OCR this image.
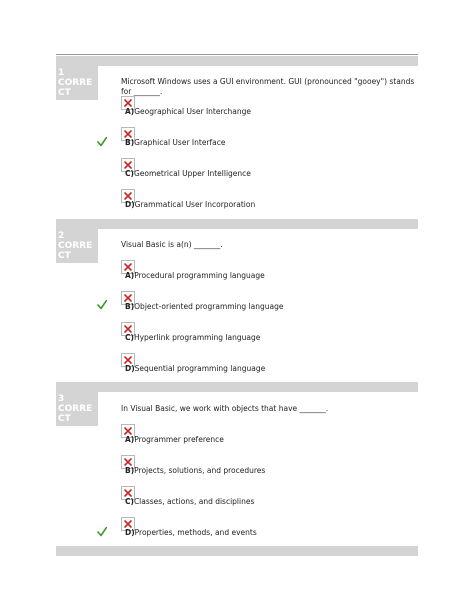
1
CORRECT
Microsoft Windows uses a GUI environment. GUI (pronounced "gooey") stands for _______.
A)Geographical User Interchange
B)Graphical User Interface
C)Geometrical Upper Intelligence
D)Grammatical User Incorporation
2
CORRECT
Visual Basic is a(n) _______.
A)Procedural programming language
B)Object-oriented programming language
C)Hyperlink programming language
D)Sequential programming language
3
CORRECT
In Visual Basic, we work with objects that have _______.
A)Programmer preference
B)Projects, solutions, and procedures
C)Classes, actions, and disciplines
D)Properties, methods, and events
